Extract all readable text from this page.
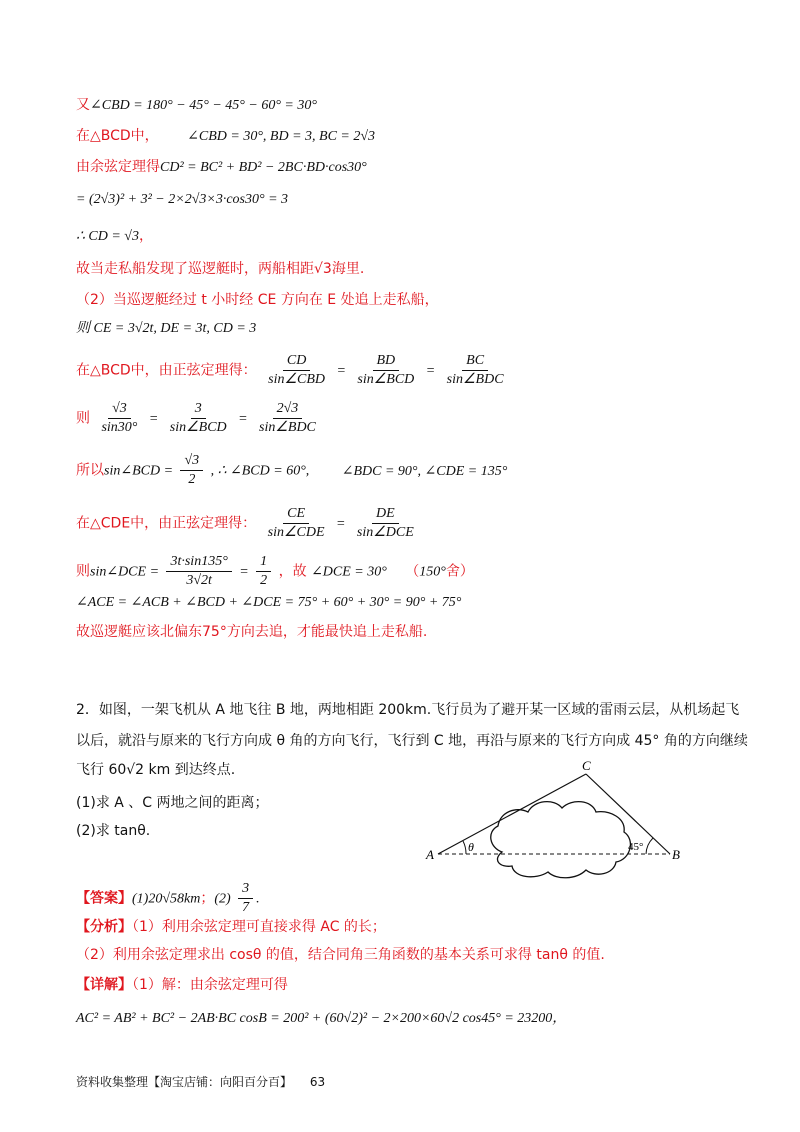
又∠CBD = 180° − 45° − 45° − 60° = 30°
在△BCD中， ∠CBD = 30°, BD = 3, BC = 2√3
由余弦定理得CD² = BC² + BD² − 2BC·BD·cos30°
= (2√3)² + 3² − 2×2√3×3·cos30° = 3
∴ CD = √3，
故当走私船发现了巡逻艇时，两船相距√3海里.
（2）当巡逻艇经过 t 小时经 CE 方向在 E 处追上走私船，
则 CE = 3√2t, DE = 3t, CD = 3
在△BCD中，由正弦定理得： $\frac{CD}{\text{sin∠CBD}} = \frac{BD}{\text{sin∠BCD}} = \frac{BC}{\text{sin∠BDC}}$
则 $\frac{√3}{\sin 30^\circ} = \frac{3}{\text{sin∠BCD}} = \frac{2√3}{\text{sin∠BDC}}$
所以sin∠BCD = $\frac{√3}{2}$ , ∴ ∠BCD = 60°, ∠BDC = 90°, ∠CDE = 135°
在△CDE中，由正弦定理得： $\frac{CE}{\text{sin∠CDE}} = \frac{DE}{\text{sin∠DCE}}$
则sin∠DCE = $\frac{3t\cdot\sin 135^\circ}{3√2t} = \frac{1}{2}$ ，故 ∠DCE = 30° （150°舍）
∠ACE = ∠ACB + ∠BCD + ∠DCE = 75° + 60° + 30° = 90° + 75°
故巡逻艇应该北偏东75°方向去追，才能最快追上走私船.
2．如图，一架飞机从 A 地飞往 B 地，两地相距 200km.飞行员为了避开某一区域的雷雨云层，从机场起飞
以后，就沿与原来的飞行方向成 θ 角的方向飞行，飞行到 C 地，再沿与原来的飞行方向成 45° 角的方向继续
飞行 60√2 km 到达终点.
(1)求 A 、C 两地之间的距离；
(2)求 tanθ.
A	B
C
θ	45°
【答案】(1)20√58km；$(2) \frac{3}{7}$ .
【分析】（1）利用余弦定理可直接求得 AC 的长；
（2）利用余弦定理求出 cosθ 的值，结合同角三角函数的基本关系可求得 tanθ 的值.
【详解】（1）解：由余弦定理可得
AC² = AB² + BC² − 2AB·BC cosB = 200² + (60√2)² − 2×200×60√2 cos45° = 23200，
资料收集整理【淘宝店铺：向阳百分百】 63
